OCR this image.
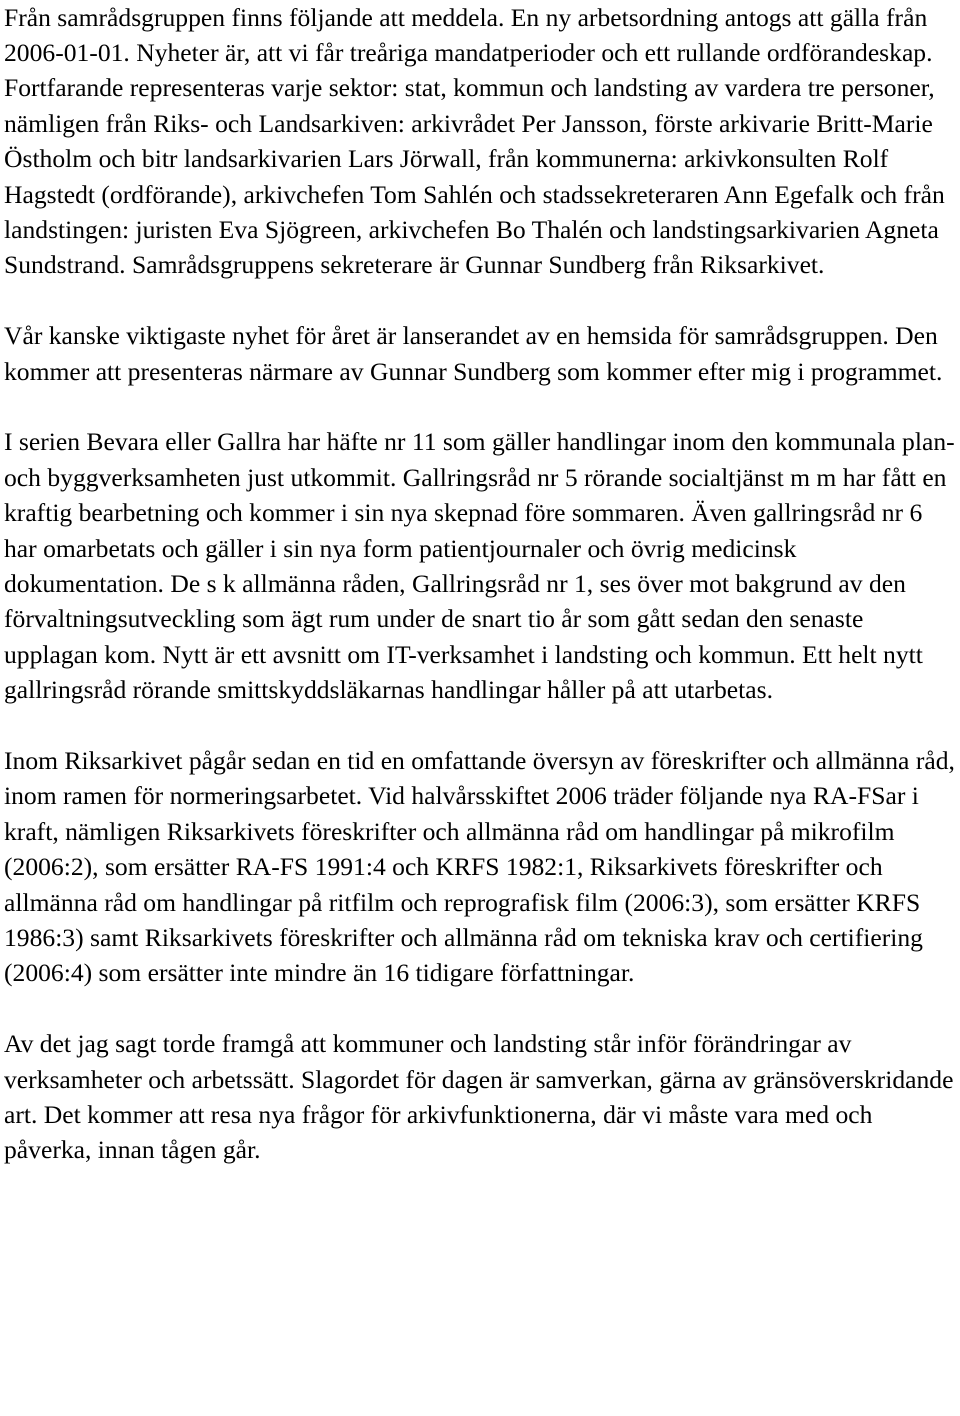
Från samrådsgruppen finns följande att meddela. En ny arbetsordning antogs att gälla från 2006-01-01. Nyheter är, att vi får treåriga mandatperioder och ett rullande ordförandeskap. Fortfarande representeras varje sektor: stat, kommun och landsting av vardera tre personer, nämligen från Riks- och Landsarkiven: arkivrådet Per Jansson, förste arkivarie Britt-Marie Östholm och bitr landsarkivarien Lars Jörwall, från kommunerna: arkivkonsulten Rolf Hagstedt (ordförande), arkivchefen Tom Sahlén och stadssekreteraren Ann Egefalk och från landstingen: juristen Eva Sjögreen, arkivchefen Bo Thalén och landstingsarkivarien Agneta Sundstrand. Samrådsgruppens sekreterare är Gunnar Sundberg från Riksarkivet.

Vår kanske viktigaste nyhet för året är lanserandet av en hemsida för samrådsgruppen. Den kommer att presenteras närmare av Gunnar Sundberg som kommer efter mig i programmet.

I serien Bevara eller Gallra har häfte nr 11 som gäller handlingar inom den kommunala plan- och byggverksamheten just utkommit. Gallringsråd nr 5 rörande socialtjänst m m har fått en kraftig bearbetning och kommer i sin nya skepnad före sommaren. Även gallringsråd nr 6 har omarbetats och gäller i sin nya form patientjournaler och övrig medicinsk dokumentation. De s k allmänna råden, Gallringsråd nr 1, ses över mot bakgrund av den förvaltningsutveckling som ägt rum under de snart tio år som gått sedan den senaste upplagan kom. Nytt är ett avsnitt om IT-verksamhet i landsting och kommun. Ett helt nytt gallringsråd rörande smittskyddsläkarnas handlingar håller på att utarbetas.

Inom Riksarkivet pågår sedan en tid en omfattande översyn av föreskrifter och allmänna råd, inom ramen för normeringsarbetet. Vid halvårsskiftet 2006 träder följande nya RA-FSar i kraft, nämligen Riksarkivets föreskrifter och allmänna råd om handlingar på mikrofilm (2006:2), som ersätter RA-FS 1991:4 och KRFS 1982:1, Riksarkivets föreskrifter och allmänna råd om handlingar på ritfilm och reprografisk film (2006:3), som ersätter KRFS 1986:3) samt Riksarkivets föreskrifter och allmänna råd om tekniska krav och certifiering (2006:4) som ersätter inte mindre än 16 tidigare författningar.

Av det jag sagt torde framgå att kommuner och landsting står inför förändringar av verksamheter och arbetssätt. Slagordet för dagen är samverkan, gärna av gränsöverskridande art. Det kommer att resa nya frågor för arkivfunktionerna, där vi måste vara med och påverka, innan tågen går.
